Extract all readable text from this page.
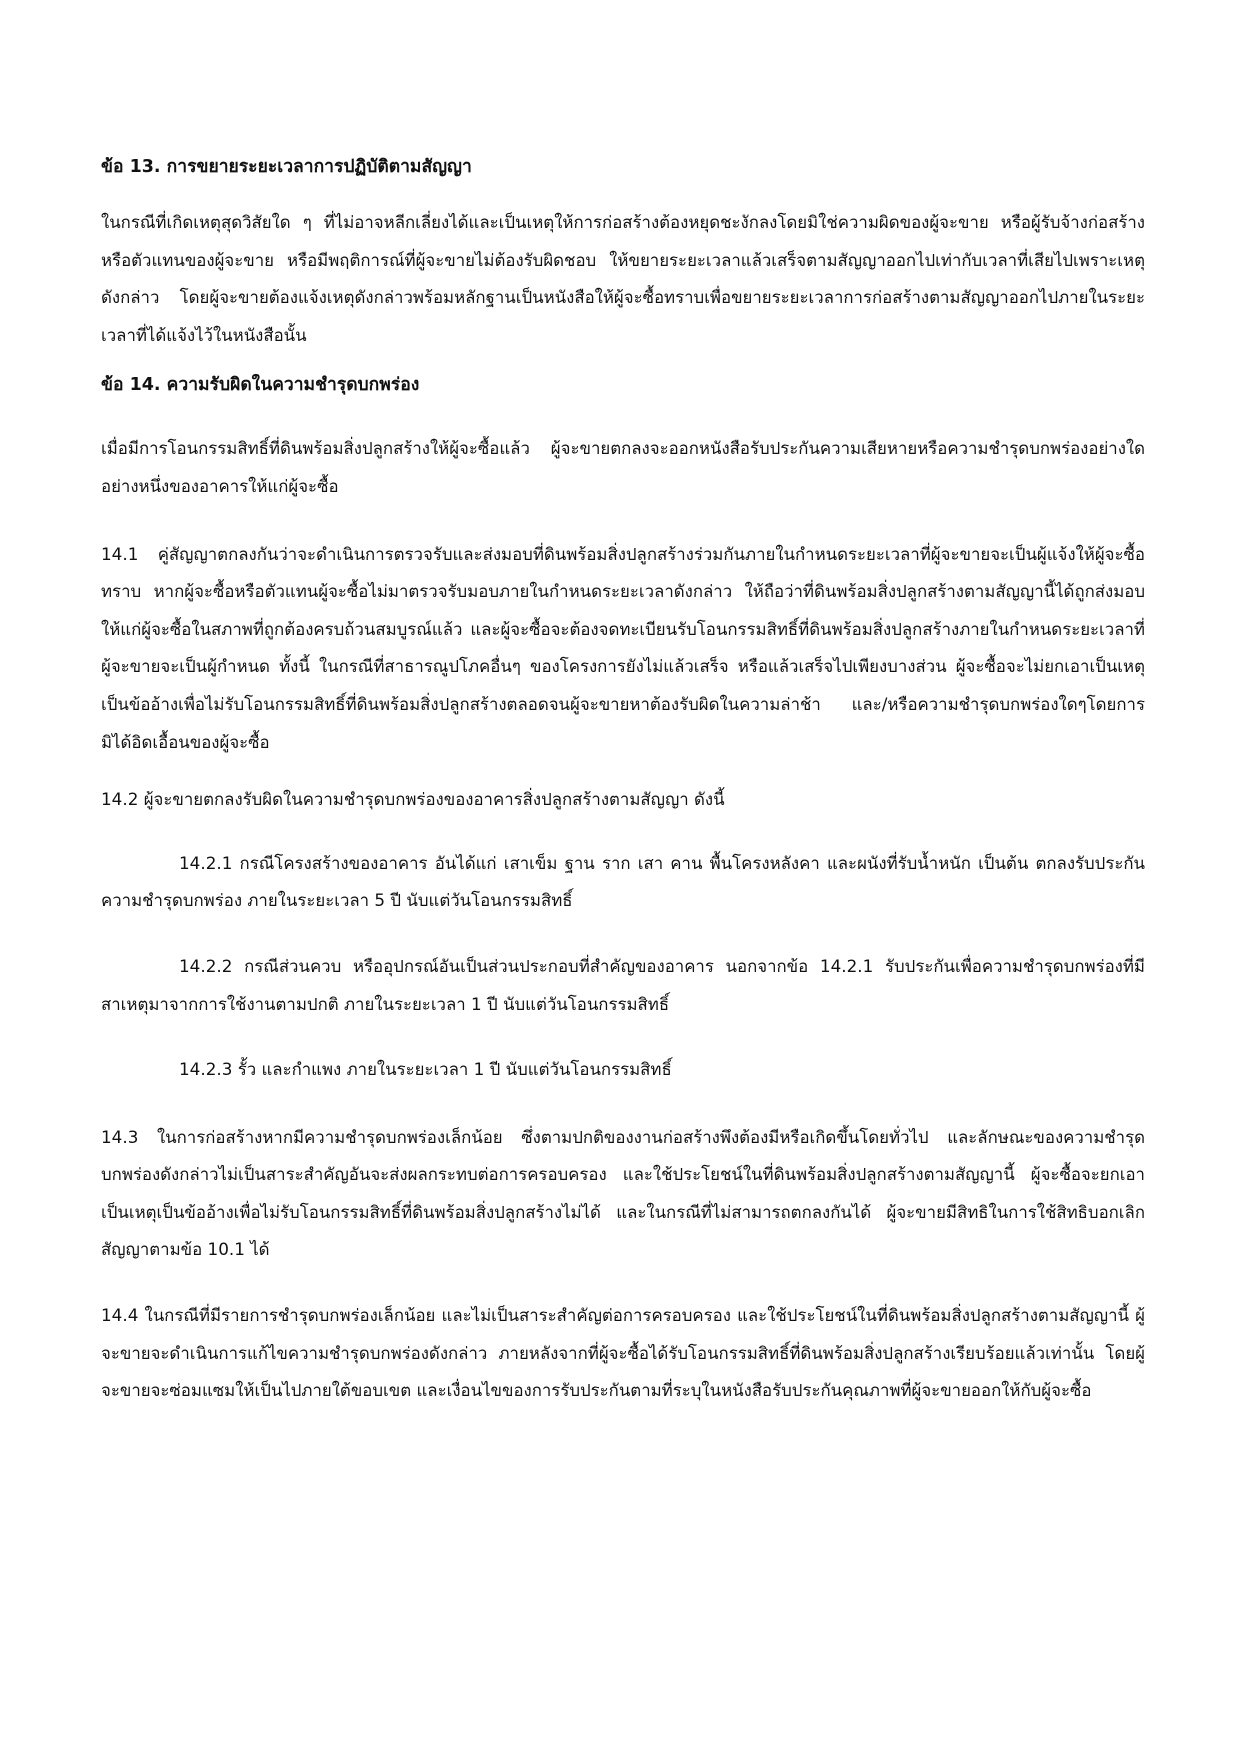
ข้อ 13. การขยายระยะเวลาการปฏิบัติตามสัญญา

ในกรณีที่เกิดเหตุสุดวิสัยใด ๆ ที่ไม่อาจหลีกเลี่ยงได้และเป็นเหตุให้การก่อสร้างต้องหยุดชะงักลงโดยมิใช่ความผิดของผู้จะขาย หรือผู้รับจ้างก่อสร้าง หรือตัวแทนของผู้จะขาย หรือมีพฤติการณ์ที่ผู้จะขายไม่ต้องรับผิดชอบ ให้ขยายระยะเวลาแล้วเสร็จตามสัญญาออกไปเท่ากับเวลาที่เสียไปเพราะเหตุดังกล่าว โดยผู้จะขายต้องแจ้งเหตุดังกล่าวพร้อมหลักฐานเป็นหนังสือให้ผู้จะซื้อทราบเพื่อขยายระยะเวลาการก่อสร้างตามสัญญาออกไปภายในระยะเวลาที่ได้แจ้งไว้ในหนังสือนั้น

ข้อ 14. ความรับผิดในความชำรุดบกพร่อง

เมื่อมีการโอนกรรมสิทธิ์ที่ดินพร้อมสิ่งปลูกสร้างให้ผู้จะซื้อแล้ว ผู้จะขายตกลงจะออกหนังสือรับประกันความเสียหายหรือความชำรุดบกพร่องอย่างใดอย่างหนึ่งของอาคารให้แก่ผู้จะซื้อ

14.1 คู่สัญญาตกลงกันว่าจะดำเนินการตรวจรับและส่งมอบที่ดินพร้อมสิ่งปลูกสร้างร่วมกันภายในกำหนดระยะเวลาที่ผู้จะขายจะเป็นผู้แจ้งให้ผู้จะซื้อทราบ หากผู้จะซื้อหรือตัวแทนผู้จะซื้อไม่มาตรวจรับมอบภายในกำหนดระยะเวลาดังกล่าว ให้ถือว่าที่ดินพร้อมสิ่งปลูกสร้างตามสัญญานี้ได้ถูกส่งมอบให้แก่ผู้จะซื้อในสภาพที่ถูกต้องครบถ้วนสมบูรณ์แล้ว และผู้จะซื้อจะต้องจดทะเบียนรับโอนกรรมสิทธิ์ที่ดินพร้อมสิ่งปลูกสร้างภายในกำหนดระยะเวลาที่ผู้จะขายจะเป็นผู้กำหนด ทั้งนี้ ในกรณีที่สาธารณูปโภคอื่นๆ ของโครงการยังไม่แล้วเสร็จ หรือแล้วเสร็จไปเพียงบางส่วน ผู้จะซื้อจะไม่ยกเอาเป็นเหตุเป็นข้ออ้างเพื่อไม่รับโอนกรรมสิทธิ์ที่ดินพร้อมสิ่งปลูกสร้างตลอดจนผู้จะขายหาต้องรับผิดในความล่าช้า และ/หรือความชำรุดบกพร่องใดๆโดยการมิได้อิดเอื้อนของผู้จะซื้อ

14.2 ผู้จะขายตกลงรับผิดในความชำรุดบกพร่องของอาคารสิ่งปลูกสร้างตามสัญญา ดังนี้

14.2.1 กรณีโครงสร้างของอาคาร อันได้แก่ เสาเข็ม ฐาน ราก เสา คาน พื้นโครงหลังคา และผนังที่รับน้ำหนัก เป็นต้น ตกลงรับประกันความชำรุดบกพร่อง ภายในระยะเวลา 5 ปี นับแต่วันโอนกรรมสิทธิ์

14.2.2 กรณีส่วนควบ หรืออุปกรณ์อันเป็นส่วนประกอบที่สำคัญของอาคาร นอกจากข้อ 14.2.1 รับประกันเพื่อความชำรุดบกพร่องที่มีสาเหตุมาจากการใช้งานตามปกติ ภายในระยะเวลา 1 ปี นับแต่วันโอนกรรมสิทธิ์

14.2.3 รั้ว และกำแพง ภายในระยะเวลา 1 ปี นับแต่วันโอนกรรมสิทธิ์

14.3 ในการก่อสร้างหากมีความชำรุดบกพร่องเล็กน้อย ซึ่งตามปกติของงานก่อสร้างพึงต้องมีหรือเกิดขึ้นโดยทั่วไป และลักษณะของความชำรุดบกพร่องดังกล่าวไม่เป็นสาระสำคัญอันจะส่งผลกระทบต่อการครอบครอง และใช้ประโยชน์ในที่ดินพร้อมสิ่งปลูกสร้างตามสัญญานี้ ผู้จะซื้อจะยกเอาเป็นเหตุเป็นข้ออ้างเพื่อไม่รับโอนกรรมสิทธิ์ที่ดินพร้อมสิ่งปลูกสร้างไม่ได้ และในกรณีที่ไม่สามารถตกลงกันได้ ผู้จะขายมีสิทธิในการใช้สิทธิบอกเลิกสัญญาตามข้อ 10.1 ได้

14.4 ในกรณีที่มีรายการชำรุดบกพร่องเล็กน้อย และไม่เป็นสาระสำคัญต่อการครอบครอง และใช้ประโยชน์ในที่ดินพร้อมสิ่งปลูกสร้างตามสัญญานี้ ผู้จะขายจะดำเนินการแก้ไขความชำรุดบกพร่องดังกล่าว ภายหลังจากที่ผู้จะซื้อได้รับโอนกรรมสิทธิ์ที่ดินพร้อมสิ่งปลูกสร้างเรียบร้อยแล้วเท่านั้น โดยผู้จะขายจะซ่อมแซมให้เป็นไปภายใต้ขอบเขต และเงื่อนไขของการรับประกันตามที่ระบุในหนังสือรับประกันคุณภาพที่ผู้จะขายออกให้กับผู้จะซื้อ
